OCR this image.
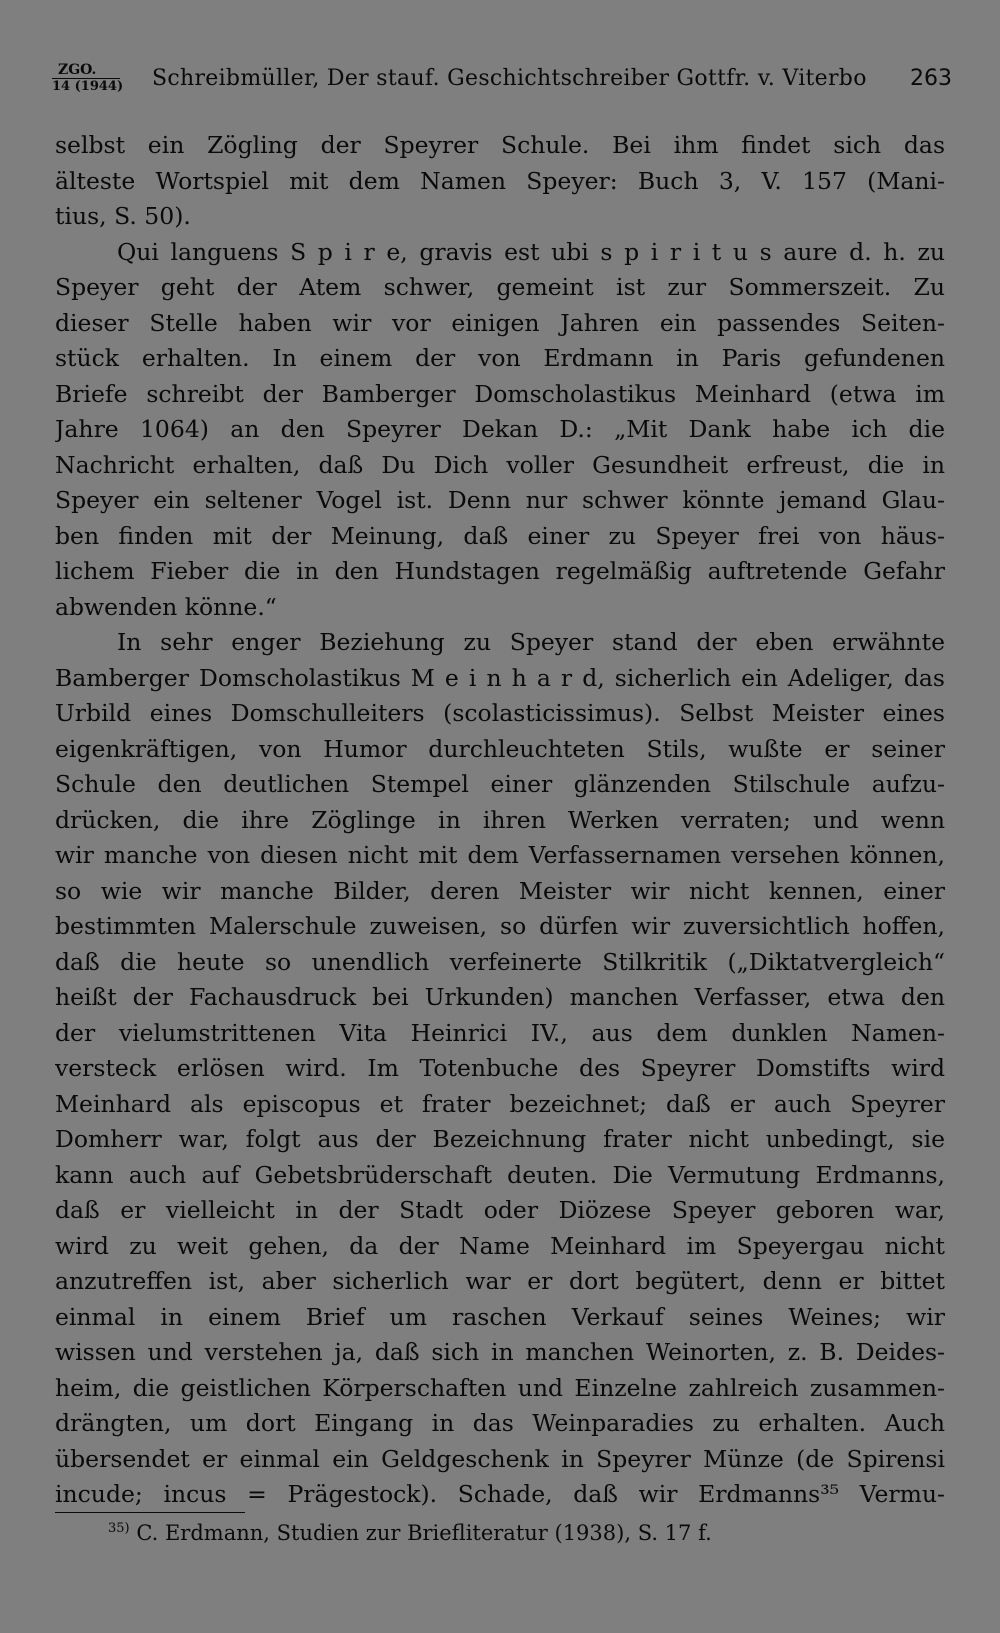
ZGO.
14 (1944)	Schreibmüller, Der stauf. Geschichtschreiber Gottfr. v. Viterbo 263
selbst ein Zögling der Speyrer Schule. Bei ihm findet sich das
älteste Wortspiel mit dem Namen Speyer: Buch 3, V. 157 (Mani-
tius, S. 50).
Qui languens S p i r e, gravis est ubi s p i r i t u s aure d. h. zu
Speyer geht der Atem schwer, gemeint ist zur Sommerszeit. Zu
dieser Stelle haben wir vor einigen Jahren ein passendes Seiten-
stück erhalten. In einem der von Erdmann in Paris gefundenen
Briefe schreibt der Bamberger Domscholastikus Meinhard (etwa im
Jahre 1064) an den Speyrer Dekan D.: „Mit Dank habe ich die
Nachricht erhalten, daß Du Dich voller Gesundheit erfreust, die in
Speyer ein seltener Vogel ist. Denn nur schwer könnte jemand Glau-
ben finden mit der Meinung, daß einer zu Speyer frei von häus-
lichem Fieber die in den Hundstagen regelmäßig auftretende Gefahr
abwenden könne.“
In sehr enger Beziehung zu Speyer stand der eben erwähnte
Bamberger Domscholastikus M e i n h a r d, sicherlich ein Adeliger, das
Urbild eines Domschulleiters (scolasticissimus). Selbst Meister eines
eigenkräftigen, von Humor durchleuchteten Stils, wußte er seiner
Schule den deutlichen Stempel einer glänzenden Stilschule aufzu-
drücken, die ihre Zöglinge in ihren Werken verraten; und wenn
wir manche von diesen nicht mit dem Verfassernamen versehen können,
so wie wir manche Bilder, deren Meister wir nicht kennen, einer
bestimmten Malerschule zuweisen, so dürfen wir zuversichtlich hoffen,
daß die heute so unendlich verfeinerte Stilkritik („Diktatvergleich“
heißt der Fachausdruck bei Urkunden) manchen Verfasser, etwa den
der vielumstrittenen Vita Heinrici IV., aus dem dunklen Namen-
versteck erlösen wird. Im Totenbuche des Speyrer Domstifts wird
Meinhard als episcopus et frater bezeichnet; daß er auch Speyrer
Domherr war, folgt aus der Bezeichnung frater nicht unbedingt, sie
kann auch auf Gebetsbrüderschaft deuten. Die Vermutung Erdmanns,
daß er vielleicht in der Stadt oder Diözese Speyer geboren war,
wird zu weit gehen, da der Name Meinhard im Speyergau nicht
anzutreffen ist, aber sicherlich war er dort begütert, denn er bittet
einmal in einem Brief um raschen Verkauf seines Weines; wir
wissen und verstehen ja, daß sich in manchen Weinorten, z. B. Deides-
heim, die geistlichen Körperschaften und Einzelne zahlreich zusammen-
drängten, um dort Eingang in das Weinparadies zu erhalten. Auch
übersendet er einmal ein Geldgeschenk in Speyrer Münze (de Spirensi
incude; incus = Prägestock). Schade, daß wir Erdmanns³⁵ Vermu-
$^{35)}$ C. Erdmann, Studien zur Briefliteratur (1938), S. 17 f.
